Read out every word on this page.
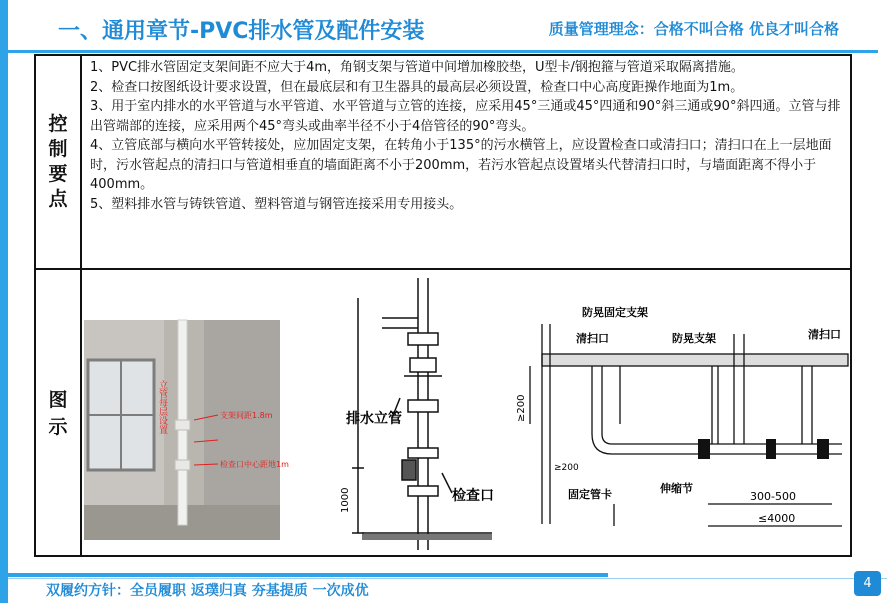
一、通用章节-PVC排水管及配件安装	质量管理理念：合格不叫合格 优良才叫合格
控
制
要
点

1、PVC排水管固定支架间距不应大于4m，角钢支架与管道中间增加橡胶垫，U型卡/钢抱箍与管道采取隔离措施。

2、检查口按图纸设计要求设置，但在最底层和有卫生器具的最高层必须设置，检查口中心高度距操作地面为1m。

3、用于室内排水的水平管道与水平管道、水平管道与立管的连接，应采用45°三通或45°四通和90°斜三通或90°斜四通。立管与排出管端部的连接，应采用两个45°弯头或曲率半径不小于4倍管径的90°弯头。

4、立管底部与横向水平管转接处，应加固定支架，在转角小于135°的污水横管上，应设置检查口或清扫口；清扫口在上一层地面时，污水管起点的清扫口与管道相垂直的墙面距离不小于200mm，若污水管起点设置堵头代替清扫口时，与墙面距离不得小于400mm。

5、塑料排水管与铸铁管道、塑料管道与钢管连接采用专用接头。

图
示	立管每层设置	支架间距1.8m
检查口中心距地1m
1000
排水立管
检查口
防晃固定支架
清扫口	防晃支架	清扫口
固定管卡	伸缩节
≥200
≥200
300-500
≤4000
双履约方针：全员履职 返璞归真 夯基提质 一次成优	4
